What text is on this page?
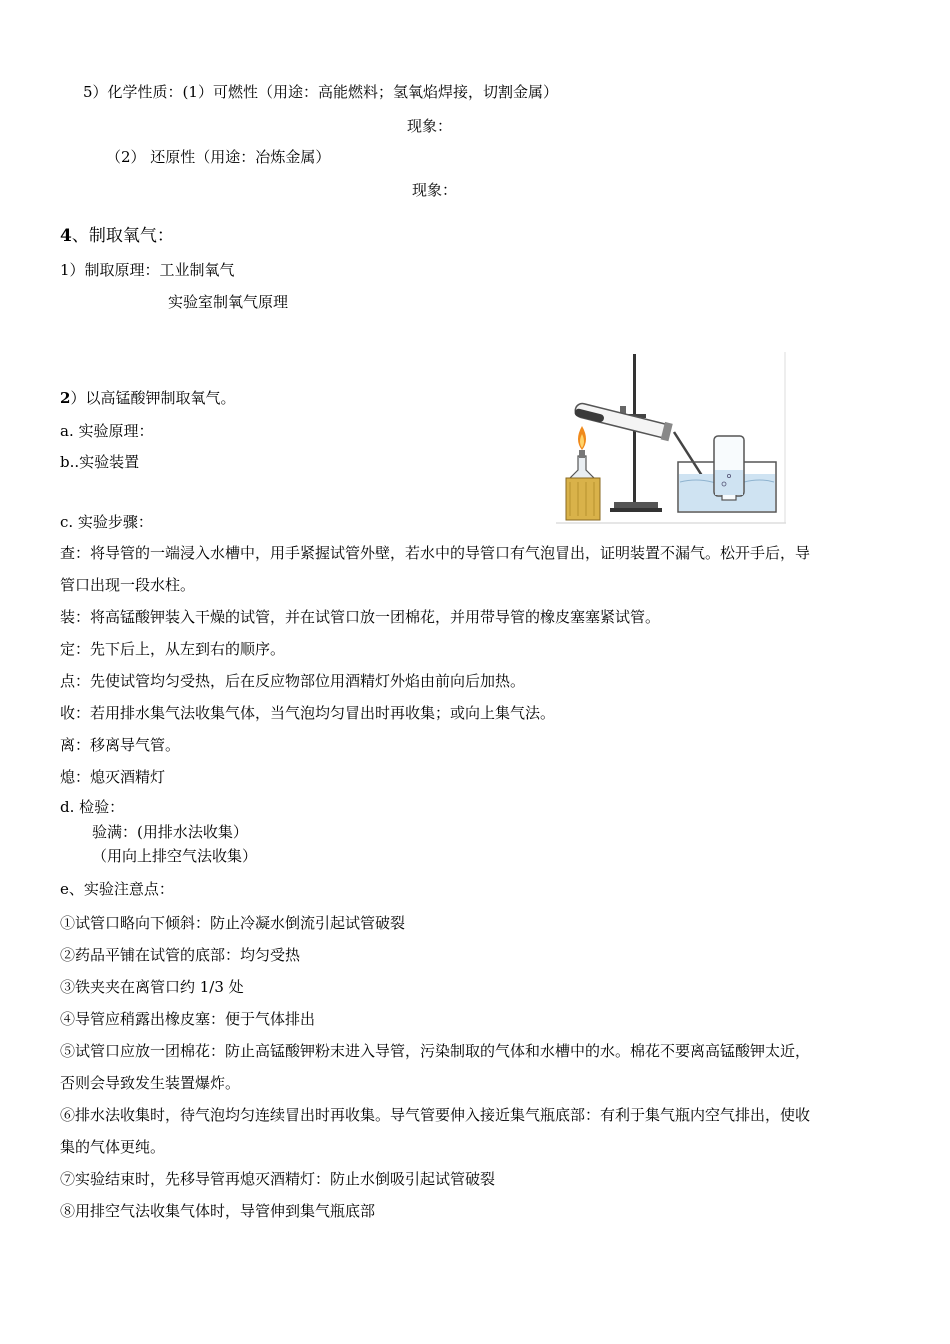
5）化学性质：(1）可燃性（用途：高能燃料；氢氧焰焊接，切割金属）
现象：
（2） 还原性（用途：冶炼金属）
现象：
4、制取氧气：
1）制取原理：工业制氧气
实验室制氧气原理
2）以高锰酸钾制取氧气。
a. 实验原理：
b..实验装置
c. 实验步骤：
查：将导管的一端浸入水槽中，用手紧握试管外壁，若水中的导管口有气泡冒出，证明装置不漏气。松开手后，导
管口出现一段水柱。
装：将高锰酸钾装入干燥的试管，并在试管口放一团棉花，并用带导管的橡皮塞塞紧试管。
定：先下后上，从左到右的顺序。
点：先使试管均匀受热，后在反应物部位用酒精灯外焰由前向后加热。
收：若用排水集气法收集气体，当气泡均匀冒出时再收集；或向上集气法。
离：移离导气管。
熄：熄灭酒精灯
d. 检验：
验满：(用排水法收集）
（用向上排空气法收集）
e、实验注意点：
①试管口略向下倾斜：防止冷凝水倒流引起试管破裂
②药品平铺在试管的底部：均匀受热
③铁夹夹在离管口约 1/3 处
④导管应稍露出橡皮塞：便于气体排出
⑤试管口应放一团棉花：防止高锰酸钾粉末进入导管，污染制取的气体和水槽中的水。棉花不要离高锰酸钾太近，
否则会导致发生装置爆炸。
⑥排水法收集时，待气泡均匀连续冒出时再收集。导气管要伸入接近集气瓶底部：有利于集气瓶内空气排出，使收
集的气体更纯。
⑦实验结束时，先移导管再熄灭酒精灯：防止水倒吸引起试管破裂
⑧用排空气法收集气体时，导管伸到集气瓶底部
